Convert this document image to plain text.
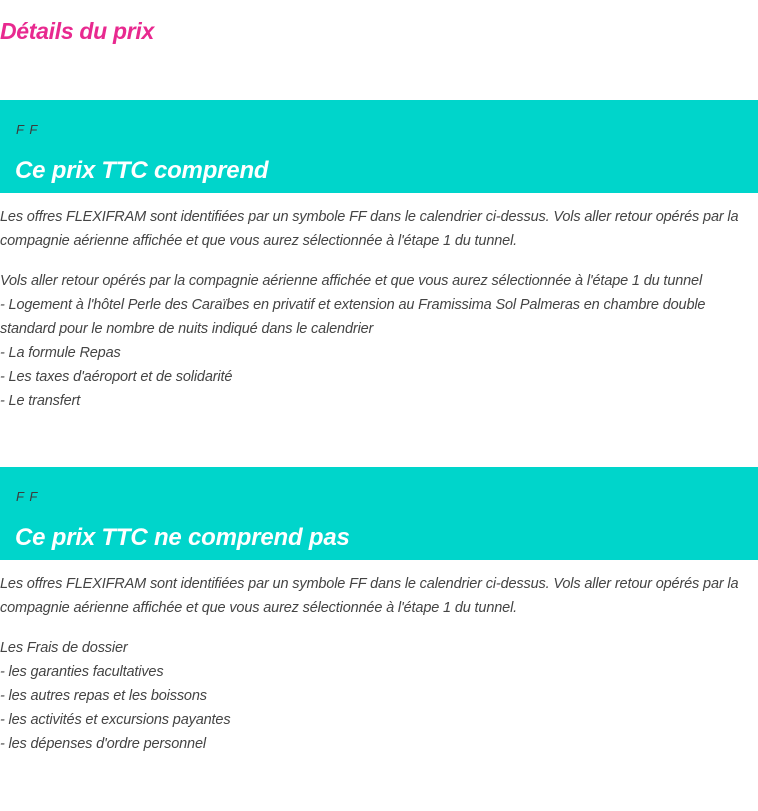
Détails du prix
F F
Ce prix TTC comprend

Les offres FLEXIFRAM sont identifiées par un symbole FF dans le calendrier ci-dessus. Vols aller retour opérés par la compagnie aérienne affichée et que vous aurez sélectionnée à l'étape 1 du tunnel.

Vols aller retour opérés par la compagnie aérienne affichée et que vous aurez sélectionnée à l'étape 1 du tunnel
- Logement à l'hôtel Perle des Caraïbes en privatif et extension au Framissima Sol Palmeras en chambre double standard pour le nombre de nuits indiqué dans le calendrier
- La formule Repas
- Les taxes d'aéroport et de solidarité
- Le transfert
F F
Ce prix TTC ne comprend pas

Les offres FLEXIFRAM sont identifiées par un symbole FF dans le calendrier ci-dessus. Vols aller retour opérés par la compagnie aérienne affichée et que vous aurez sélectionnée à l'étape 1 du tunnel.

Les Frais de dossier
- les garanties facultatives
- les autres repas et les boissons
- les activités et excursions payantes
- les dépenses d'ordre personnel
